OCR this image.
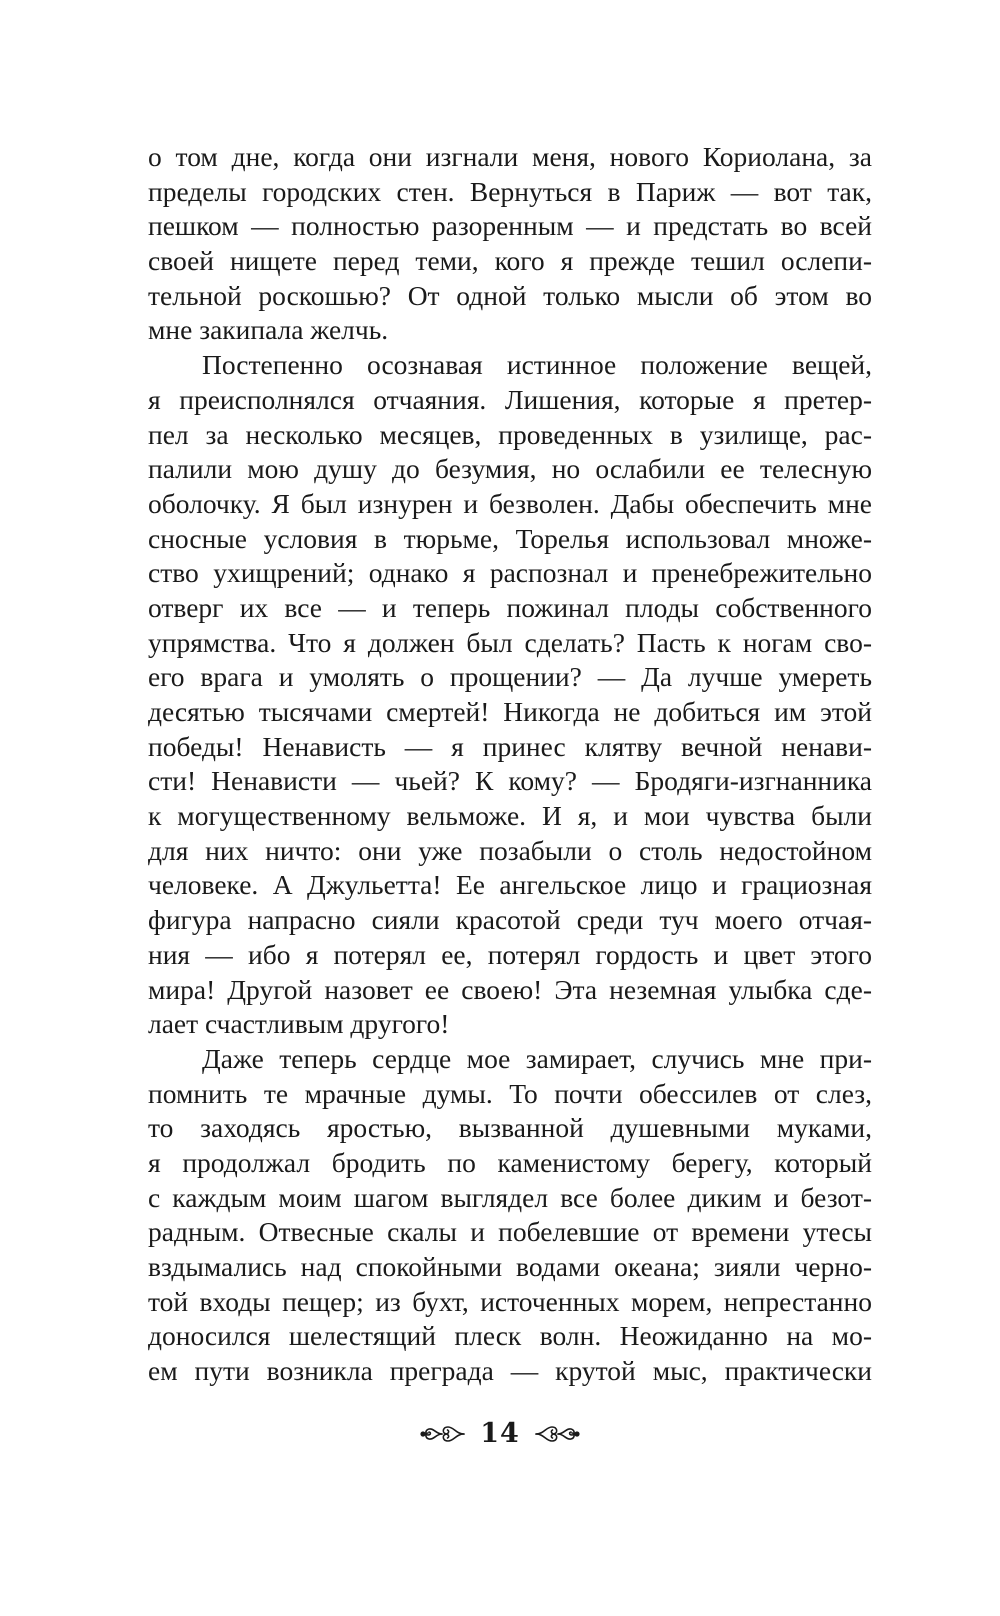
о том дне, когда они изгнали меня, нового Кориолана, за
пределы городских стен. Вернуться в Париж — вот так,
пешком — полностью разоренным — и предстать во всей
своей нищете перед теми, кого я прежде тешил ослепи-
тельной роскошью? От одной только мысли об этом во
мне закипала желчь.
Постепенно осознавая истинное положение вещей,
я преисполнялся отчаяния. Лишения, которые я претер-
пел за несколько месяцев, проведенных в узилище, рас-
палили мою душу до безумия, но ослабили ее телесную
оболочку. Я был изнурен и безволен. Дабы обеспечить мне
сносные условия в тюрьме, Торелья использовал множе-
ство ухищрений; однако я распознал и пренебрежительно
отверг их все — и теперь пожинал плоды собственного
упрямства. Что я должен был сделать? Пасть к ногам сво-
его врага и умолять о прощении? — Да лучше умереть
десятью тысячами смертей! Никогда не добиться им этой
победы! Ненависть — я принес клятву вечной ненави-
сти! Ненависти — чьей? К кому? — Бродяги-изгнанника
к могущественному вельможе. И я, и мои чувства были
для них ничто: они уже позабыли о столь недостойном
человеке. А Джульетта! Ее ангельское лицо и грациозная
фигура напрасно сияли красотой среди туч моего отчая-
ния — ибо я потерял ее, потерял гордость и цвет этого
мира! Другой назовет ее своею! Эта неземная улыбка сде-
лает счастливым другого!
Даже теперь сердце мое замирает, случись мне при-
помнить те мрачные думы. То почти обессилев от слез,
то заходясь яростью, вызванной душевными муками,
я продолжал бродить по каменистому берегу, который
с каждым моим шагом выглядел все более диким и безот-
радным. Отвесные скалы и побелевшие от времени утесы
вздымались над спокойными водами океана; зияли черно-
той входы пещер; из бухт, источенных морем, непрестанно
доносился шелестящий плеск волн. Неожиданно на мо-
ем пути возникла преграда — крутой мыс, практически
14
